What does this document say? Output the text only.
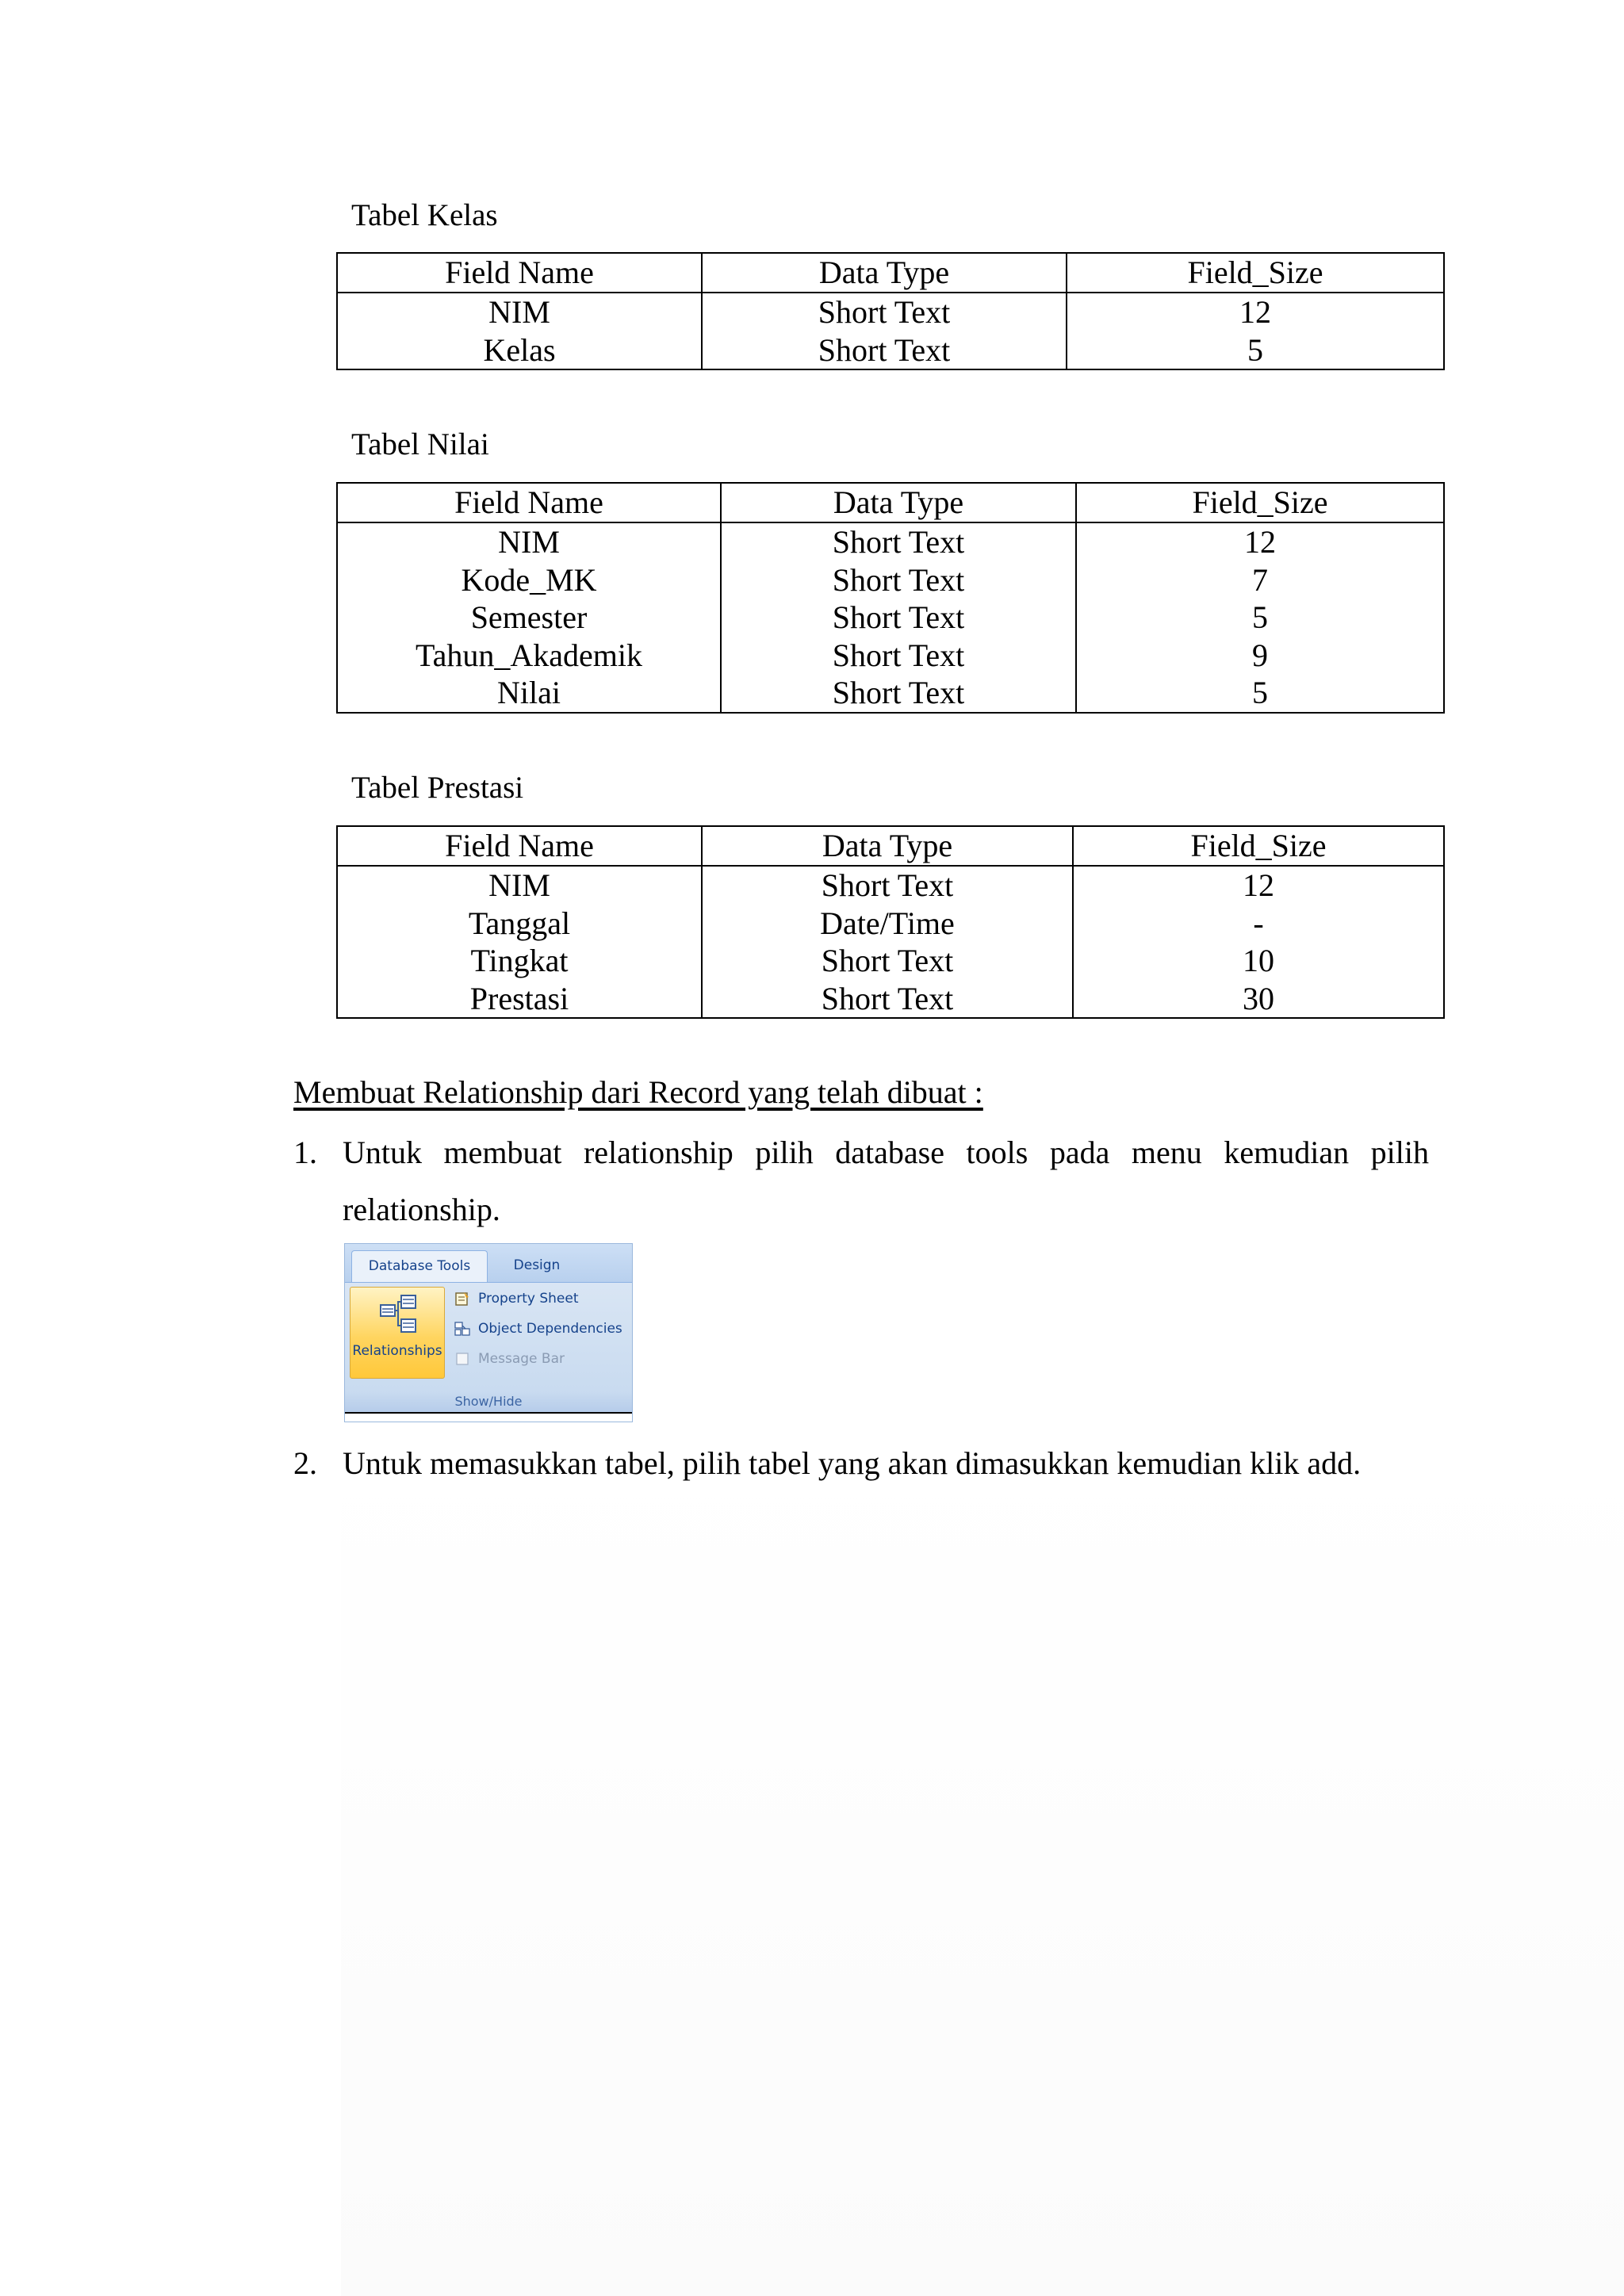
Tabel Kelas
Field Name	Data Type	Field_Size
NIM	Short Text	12
Kelas	Short Text	5
Tabel Nilai
Field Name	Data Type	Field_Size
NIM	Short Text	12
Kode_MK	Short Text	7
Semester	Short Text	5
Tahun_Akademik	Short Text	9
Nilai	Short Text	5
Tabel Prestasi
Field Name	Data Type	Field_Size
NIM	Short Text	12
Tanggal	Date/Time	-
Tingkat	Short Text	10
Prestasi	Short Text	30
Membuat Relationship dari Record yang telah dibuat :
1. Untuk membuat relationship pilih database tools pada menu kemudian pilih relationship.
Database Tools	Design
Relationships
Property Sheet
Object Dependencies
Message Bar
Show/Hide
2. Untuk memasukkan tabel, pilih tabel yang akan dimasukkan kemudian klik add.
